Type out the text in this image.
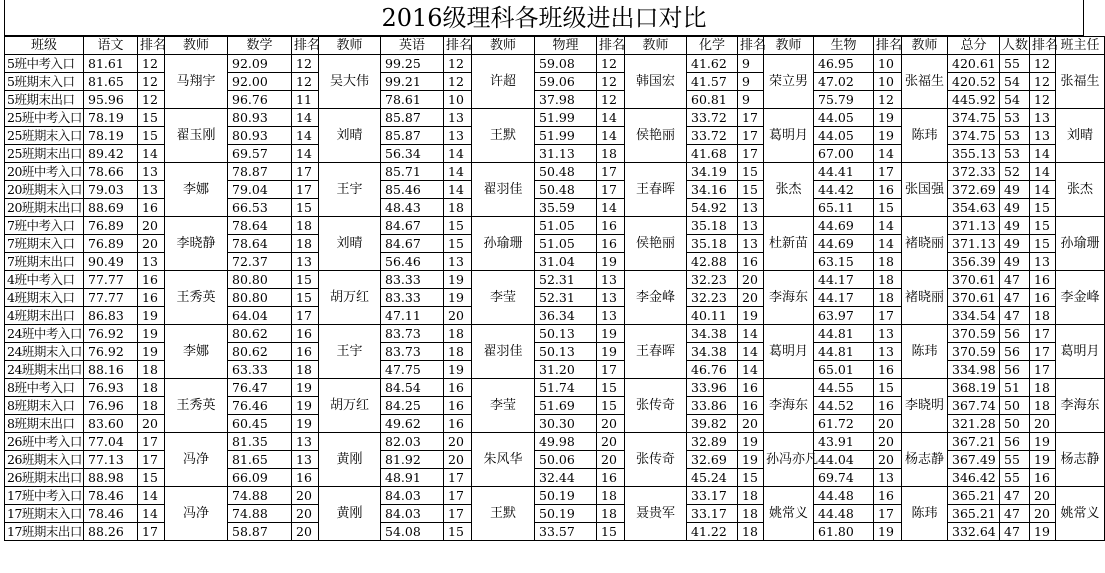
2016级理科各班级进出口对比
班级	语文	排名	教师	数学	排名	教师	英语	排名	教师	物理	排名	教师	化学	排名	教师	生物	排名	教师	总分	人数	排名	班主任
5班中考入口	81.61	12	马翔宇	92.09	12	吴大伟	99.25	12	许超	59.08	12	韩国宏	41.62	9	荣立男	46.95	10	张福生	420.61	55	12	张福生
5班期末入口	81.65	12		92.00	12		99.21	12		59.06	12		41.57	9		47.02	10		420.52	54	12	
5班期末出口	95.96	12		96.76	11		78.61	10		37.98	12		60.81	9		75.79	12		445.92	54	12	
25班中考入口	78.19	15	翟玉刚	80.93	14	刘晴	85.87	13	王默	51.99	14	侯艳丽	33.72	17	葛明月	44.05	19	陈玮	374.75	53	13	刘晴
25班期末入口	78.19	15		80.93	14		85.87	13		51.99	14		33.72	17		44.05	19		374.75	53	13	
25班期末出口	89.42	14		69.57	14		56.34	14		31.13	18		41.68	17		67.00	14		355.13	53	14	
20班中考入口	78.66	13	李娜	78.87	17	王宇	85.71	14	翟羽佳	50.48	17	王春晖	34.19	15	张杰	44.41	17	张国强	372.33	52	14	张杰
20班期末入口	79.03	13		79.04	17		85.46	14		50.48	17		34.16	15		44.42	16		372.69	49	14	
20班期末出口	88.69	16		66.53	15		48.43	18		35.59	14		54.92	13		65.11	15		354.63	49	15	
7班中考入口	76.89	20	李晓静	78.64	18	刘晴	84.67	15	孙瑜珊	51.05	16	侯艳丽	35.18	13	杜新苗	44.69	14	褚晓丽	371.13	49	15	孙瑜珊
7班期末入口	76.89	20		78.64	18		84.67	15		51.05	16		35.18	13		44.69	14		371.13	49	15	
7班期末出口	90.49	13		72.37	13		56.46	13		31.04	19		42.88	16		63.15	18		356.39	49	13	
4班中考入口	77.77	16	王秀英	80.80	15	胡万红	83.33	19	李莹	52.31	13	李金峰	32.23	20	李海东	44.17	18	褚晓丽	370.61	47	16	李金峰
4班期末入口	77.77	16		80.80	15		83.33	19		52.31	13		32.23	20		44.17	18		370.61	47	16	
4班期末出口	86.83	19		64.04	17		47.11	20		36.34	13		40.11	19		63.97	17		334.54	47	18	
24班中考入口	76.92	19	李娜	80.62	16	王宇	83.73	18	翟羽佳	50.13	19	王春晖	34.38	14	葛明月	44.81	13	陈玮	370.59	56	17	葛明月
24班期末入口	76.92	19		80.62	16		83.73	18		50.13	19		34.38	14		44.81	13		370.59	56	17	
24班期末出口	88.16	18		63.33	18		47.75	19		31.20	17		46.76	14		65.01	16		334.98	56	17	
8班中考入口	76.93	18	王秀英	76.47	19	胡万红	84.54	16	李莹	51.74	15	张传奇	33.96	16	李海东	44.55	15	李晓明	368.19	51	18	李海东
8班期末入口	76.96	18		76.46	19		84.25	16		51.69	15		33.86	16		44.52	16		367.74	50	18	
8班期末出口	83.60	20		60.45	19		49.62	16		30.30	20		39.82	20		61.72	20		321.28	50	20	
26班中考入口	77.04	17	冯净	81.35	13	黄刚	82.03	20	朱风华	49.98	20	张传奇	32.89	19	孙冯亦凡	43.91	20	杨志静	367.21	56	19	杨志静
26班期末入口	77.13	17		81.65	13		81.92	20		50.06	20		32.69	19		44.04	20		367.49	55	19	
26班期末出口	88.98	15		66.09	16		48.91	17		32.44	16		45.24	15		69.74	13		346.42	55	16	
17班中考入口	78.46	14	冯净	74.88	20	黄刚	84.03	17	王默	50.19	18	聂贵军	33.17	18	姚常义	44.48	16	陈玮	365.21	47	20	姚常义
17班期末入口	78.46	14		74.88	20		84.03	17		50.19	18		33.17	18		44.48	17		365.21	47	20	
17班期末出口	88.26	17		58.87	20		54.08	15		33.57	15		41.22	18		61.80	19		332.64	47	19	
